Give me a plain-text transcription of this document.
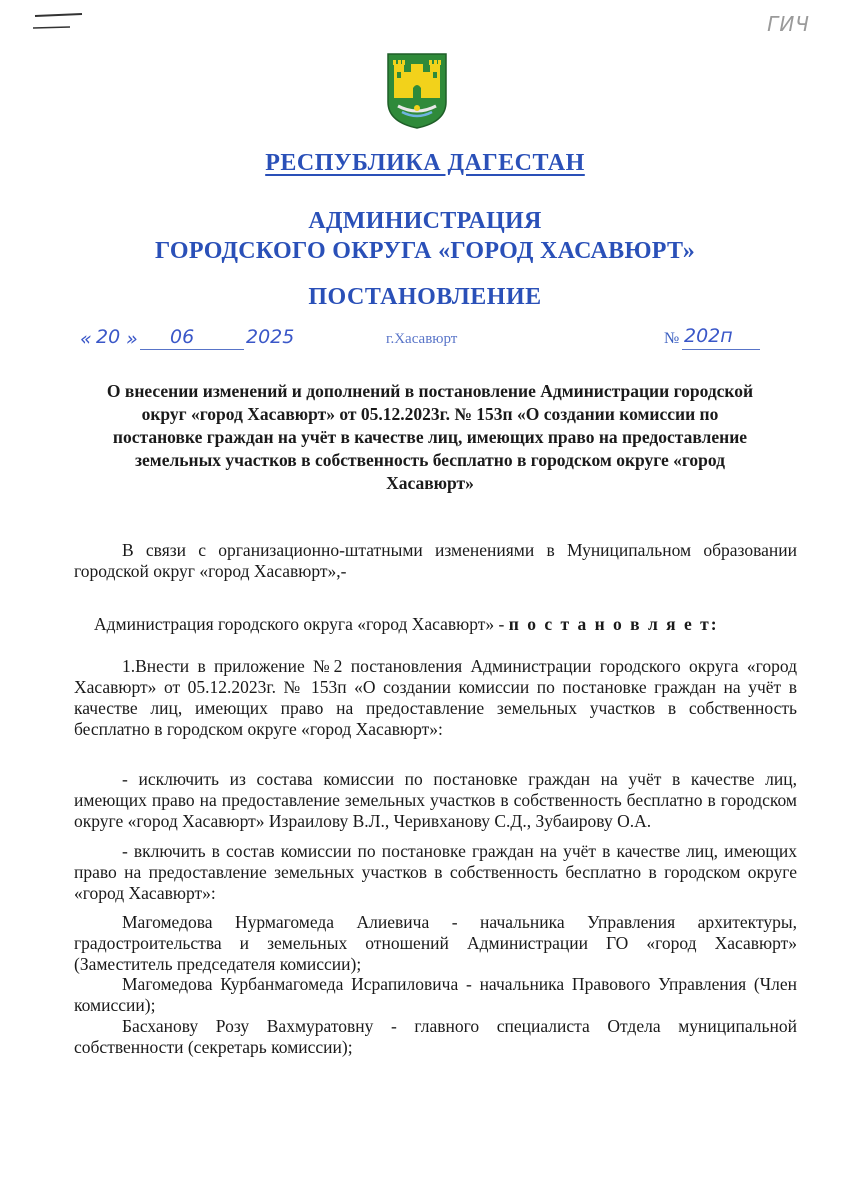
ГИЧ
РЕСПУБЛИКА ДАГЕСТАН
АДМИНИСТРАЦИЯ
ГОРОДСКОГО ОКРУГА «ГОРОД ХАСАВЮРТ»
ПОСТАНОВЛЕНИЕ
« 20 » 06	2025	г.Хасавюрт	№ 202п
О внесении изменений и дополнений в постановление Администрации городской округ «город Хасавюрт» от 05.12.2023г. № 153п «О создании комиссии по постановке граждан на учёт в качестве лиц, имеющих право на предоставление земельных участков в собственность бесплатно в городском округе «город Хасавюрт»
В связи с организационно-штатными изменениями в Муниципальном образовании городской округ «город Хасавюрт»,-
Администрация городского округа «город Хасавюрт» - п о с т а н о в л я е т:
1.Внести в приложение №2 постановления Администрации городского округа «город Хасавюрт» от 05.12.2023г. № 153п «О создании комиссии по постановке граждан на учёт в качестве лиц, имеющих право на предоставление земельных участков в собственность бесплатно в городском округе «город Хасавюрт»:
- исключить из состава комиссии по постановке граждан на учёт в качестве лиц, имеющих право на предоставление земельных участков в собственность бесплатно в городском округе «город Хасавюрт» Израилову В.Л., Черивханову С.Д., Зубаирову О.А.
- включить в состав комиссии по постановке граждан на учёт в качестве лиц, имеющих право на предоставление земельных участков в собственность бесплатно в городском округе «город Хасавюрт»:
Магомедова Нурмагомеда Алиевича - начальника Управления архитектуры, градостроительства и земельных отношений Администрации ГО «город Хасавюрт» (Заместитель председателя комиссии);
Магомедова Курбанмагомеда Исрапиловича - начальника Правового Управления (Член комиссии);
Басханову Розу Вахмуратовну - главного специалиста Отдела муниципальной собственности (секретарь комиссии);
